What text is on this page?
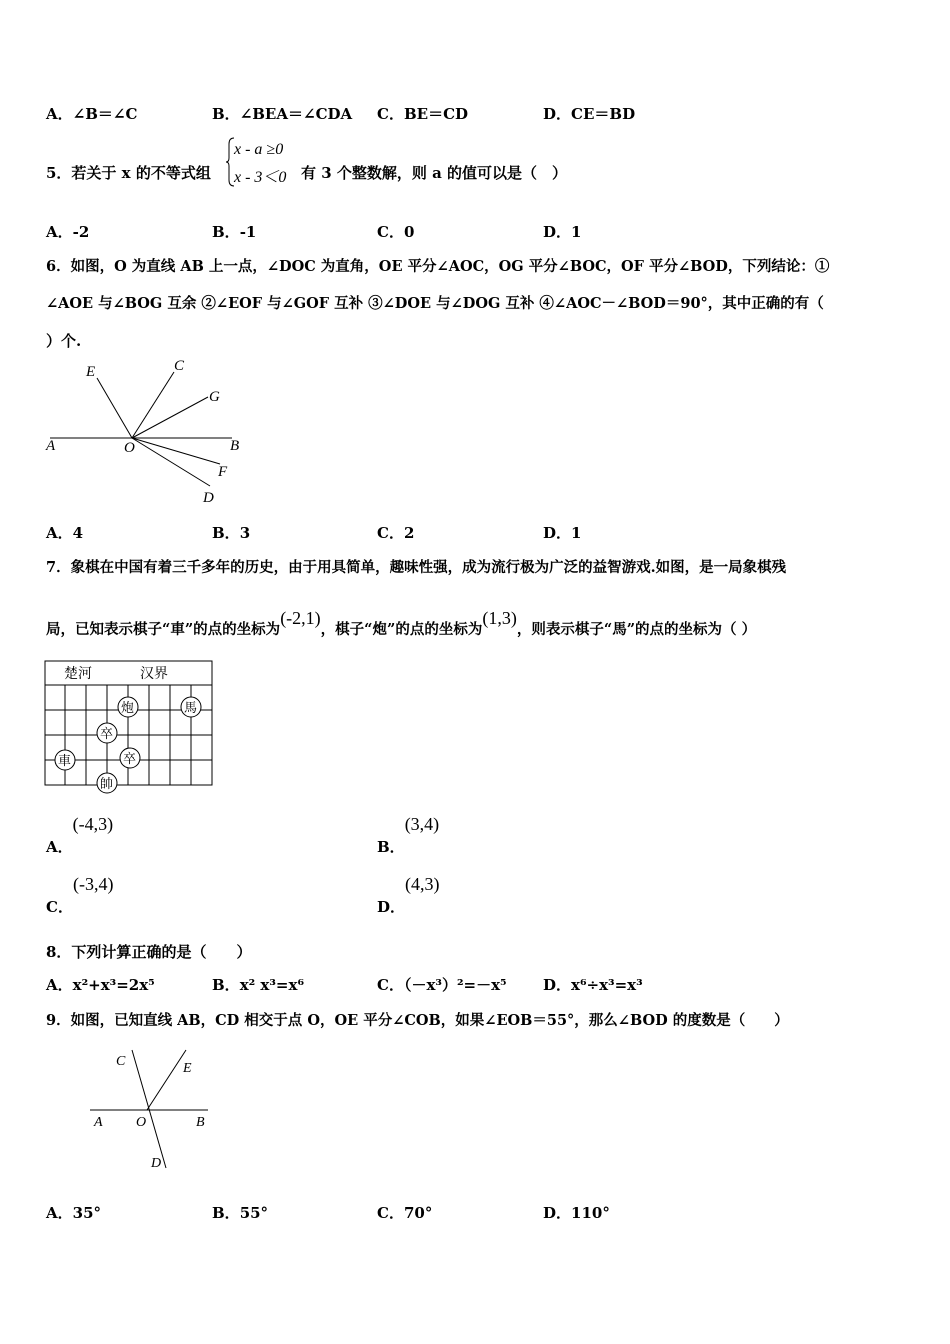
A．∠B＝∠C	B．∠BEA＝∠CDA C．BE＝CD	D．CE＝BD
5．若关于 x 的不等式组
x - a ≥0
x - 3＜0 有 3 个整数解，则 a 的值可以是（　）
A．-2	B．-1	C．0	D．1
6．如图，O 为直线 AB 上一点，∠DOC 为直角，OE 平分∠AOC，OG 平分∠BOC，OF 平分∠BOD，下列结论：①
∠AOE 与∠BOG 互余 ②∠EOF 与∠GOF 互补 ③∠DOE 与∠DOG 互补 ④∠AOC－∠BOD＝90°，其中正确的有（
）个.
E	C
G
A	O	B
F
D
A．4	B．3	C．2	D．1
7．象棋在中国有着三千多年的历史，由于用具简单，趣味性强，成为流行极为广泛的益智游戏.如图，是一局象棋残
局，已知表示棋子“車”的点的坐标为(-2,1)，棋子“炮”的点的坐标为(1,3)，则表示棋子“馬”的点的坐标为（ ）
楚河	汉界
炮	馬
卒
卒
車
帥
A．(-4,3)
B．(3,4)
C．(-3,4)
D．(4,3)
8．下列计算正确的是（　　）
A．x²+x³=2x⁵	B．x² x³=x⁶	C．（－x³）²=－x⁵ D．x⁶÷x³=x³
9．如图，已知直线 AB，CD 相交于点 O，OE 平分∠COB，如果∠EOB＝55°，那么∠BOD 的度数是（　　）
C	E
A O	B
D
A．35°	B．55°	C．70°	D．110°
